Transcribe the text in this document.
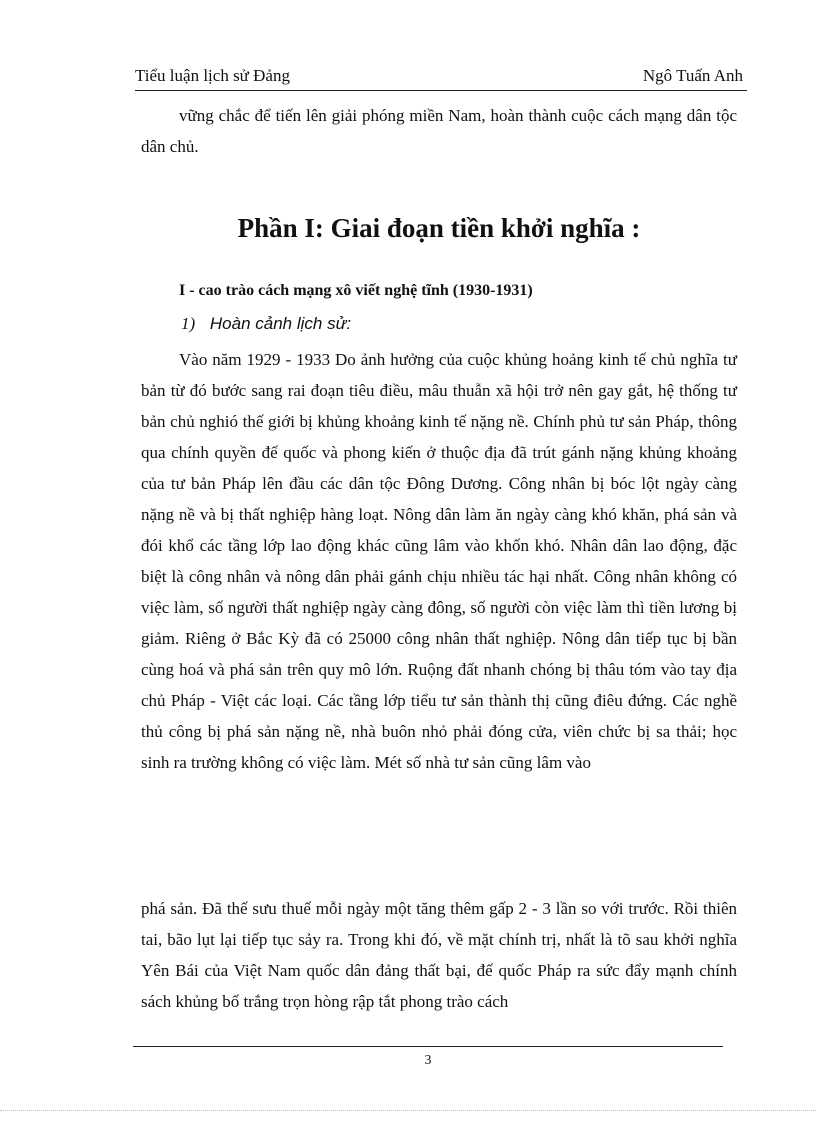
Tiểu luận lịch sử Đảng	Ngô Tuấn Anh
vững chắc để tiến lên giải phóng miền Nam, hoàn thành cuộc cách mạng dân tộc dân chủ.
Phần I: Giai đoạn tiền khởi nghĩa :
I - cao trào cách mạng xô viết nghệ tĩnh (1930-1931)
1) Hoàn cảnh lịch sử:
Vào năm 1929 - 1933 Do ảnh hưởng của cuộc khủng hoảng kinh tế chủ nghĩa tư bản từ đó bước sang rai đoạn tiêu điều, mâu thuẫn xã hội trở nên gay gắt, hệ thống tư bản chủ nghió thế giới bị khủng khoảng kinh tế nặng nề. Chính phủ tư sản Pháp, thông qua chính quyền đế quốc và phong kiến ở thuộc địa đã trút gánh nặng khủng khoảng của tư bản Pháp lên đầu các dân tộc Đông Dương. Công nhân bị bóc lột ngày càng nặng nề và bị thất nghiệp hàng loạt. Nông dân làm ăn ngày càng khó khăn, phá sản và đói khổ các tầng lớp lao động khác cũng lâm vào khốn khó. Nhân dân lao động, đặc biệt là công nhân và nông dân phải gánh chịu nhiều tác hại nhất. Công nhân không có việc làm, số người thất nghiệp ngày càng đông, số người còn việc làm thì tiền lương bị giảm. Riêng ở Bắc Kỳ đã có 25000 công nhân thất nghiệp. Nông dân tiếp tục bị bần cùng hoá và phá sản trên quy mô lớn. Ruộng đất nhanh chóng bị thâu tóm vào tay địa chủ Pháp - Việt các loại. Các tầng lớp tiểu tư sản thành thị cũng điêu đứng. Các nghề thủ công bị phá sản nặng nề, nhà buôn nhỏ phải đóng cửa, viên chức bị sa thải; học sinh ra trường không có việc làm. Mét số nhà tư sản cũng lâm vào
phá sản. Đã thế sưu thuế mỗi ngày một tăng thêm gấp 2 - 3 lần so với trước. Rồi thiên tai, bão lụt lại tiếp tục sảy ra. Trong khi đó, về mặt chính trị, nhất là tõ sau khởi nghĩa Yên Bái của Việt Nam quốc dân đảng thất bại, đế quốc Pháp ra sức đẩy mạnh chính sách khủng bố trắng trọn hòng rập tắt phong trào cách
3
